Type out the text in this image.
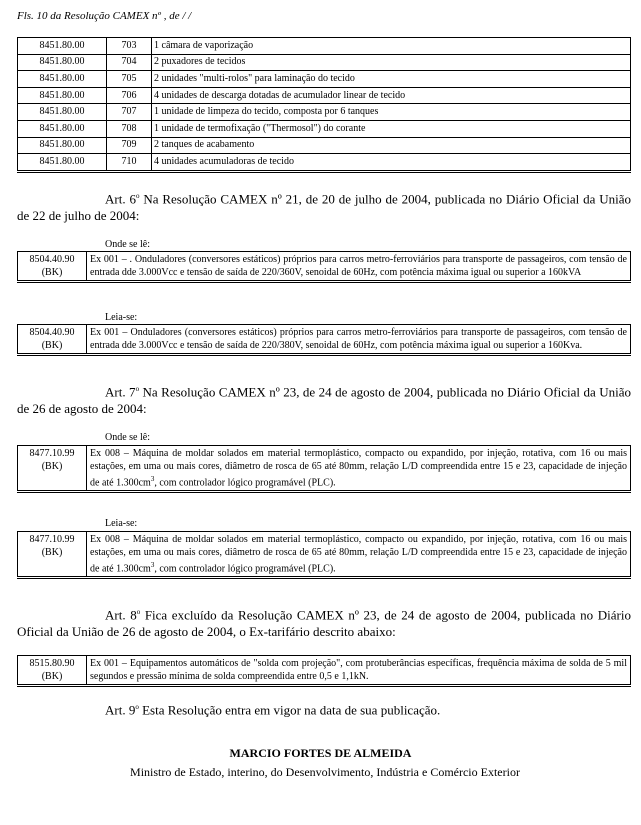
Fls. 10 da Resolução CAMEX nº , de / /
8451.80.00	703	1 câmara de vaporização
8451.80.00	704	2 puxadores de tecidos
8451.80.00	705	2 unidades "multi-rolos" para laminação do tecido
8451.80.00	706	4 unidades de descarga dotadas de acumulador linear de tecido
8451.80.00	707	1 unidade de limpeza do tecido, composta por 6 tanques
8451.80.00	708	1 unidade de termofixação ("Thermosol") do corante
8451.80.00	709	2 tanques de acabamento
8451.80.00	710	4 unidades acumuladoras de tecido

Art. 6$^o$ Na Resolução CAMEX nº 21, de 20 de julho de 2004, publicada no Diário Oficial da União de 22 de julho de 2004:

Onde se lê:
8504.40.90
(BK)	Ex 001 – . Onduladores (conversores estáticos) próprios para carros metro-ferroviários para transporte de passageiros, com tensão de entrada dde 3.000Vcc e tensão de saída de 220/360V, senoidal de 60Hz, com potência máxima igual ou superior a 160kVA
Leia-se:
8504.40.90
(BK)	Ex 001 – Onduladores (conversores estáticos) próprios para carros metro-ferroviários para transporte de passageiros, com tensão de entrada dde 3.000Vcc e tensão de saída de 220/380V, senoidal de 60Hz, com potência máxima igual ou superior a 160Kva.

Art. 7$^o$ Na Resolução CAMEX nº 23, de 24 de agosto de 2004, publicada no Diário Oficial da União de 26 de agosto de 2004:

Onde se lê:
8477.10.99
(BK)	Ex 008 – Máquina de moldar solados em material termoplástico, compacto ou expandido, por injeção, rotativa, com 16 ou mais estações, em uma ou mais cores, diâmetro de rosca de 65 até 80mm, relação L/D compreendida entre 15 e 23, capacidade de injeção de até $1.300cm^3$, com controlador lógico programável (PLC).
Leia-se:
8477.10.99
(BK)	Ex 008 – Máquina de moldar solados em material termoplástico, compacto ou expandido, por injeção, rotativa, com 16 ou mais estações, em uma ou mais cores, diâmetro de rosca de 65 até 80mm, relação L/D compreendida entre 15 e 23, capacidade de injeção de até $1.300cm^3$, com controlador lógico programável (PLC).

Art. 8$^o$ Fica excluído da Resolução CAMEX nº 23, de 24 de agosto de 2004, publicada no Diário Oficial da União de 26 de agosto de 2004, o Ex-tarifário descrito abaixo:

8515.80.90
(BK)	Ex 001 – Equipamentos automáticos de "solda com projeção", com protuberâncias específicas, frequência máxima de solda de 5 mil segundos e pressão mínima de solda compreendida entre 0,5 e 1,1kN.

Art. 9$^o$ Esta Resolução entra em vigor na data de sua publicação.

MARCIO FORTES DE ALMEIDA
Ministro de Estado, interino, do Desenvolvimento, Indústria e Comércio Exterior
